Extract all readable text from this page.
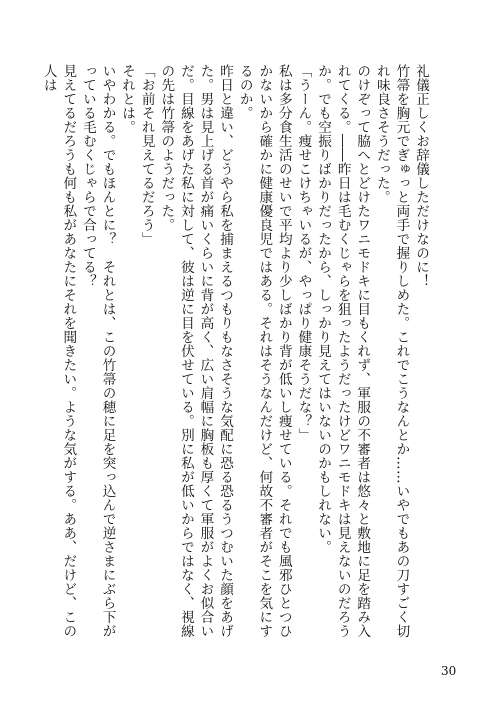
礼儀正しくお辞儀しただけなのに！

竹箒を胸元でぎゅっと両手で握りしめた。これでこうなんとか……いやでもあの刀すごく切れ味良さそうだった。

のけぞって脇へとどけたワニモドキに目もくれず、軍服の不審者は悠々と敷地に足を踏み入れてくる。――昨日は毛むくじゃらを狙ったようだったけどワニモドキは見えないのだろうか。でも空振りばかりだったから、しっかり見えてはいないのかもしれない。

「うーん。痩せこけちゃいるが、やっぱり健康そうだな？」

私は多分食生活のせいで平均より少しばかり背が低いし痩せている。それでも風邪ひとつひかないから確かに健康優良児ではある。それはそうなんだけど、何故不審者がそこを気にするのか。

昨日と違い、どうやら私を捕まえるつもりもなさそうな気配に恐る恐るうつむいた顔をあげた。男は見上げる首が痛いくらいに背が高く、広い肩幅に胸板も厚くて軍服がよくお似合いだ。目線をあげた私に対して、彼は逆に目を伏せている。別に私が低いからではなく、視線の先は竹箒のようだった。

「お前それ見えてるだろう」

それとは。

いやわかる。でもほんとに？　それとは、この竹箒の穂に足を突っ込んで逆さまにぶら下がっている毛むくじゃらで合ってる？

見えてるだろうも何も私があなたにそれを聞きたい。ような気がする。ああ、だけど、この人は

30
